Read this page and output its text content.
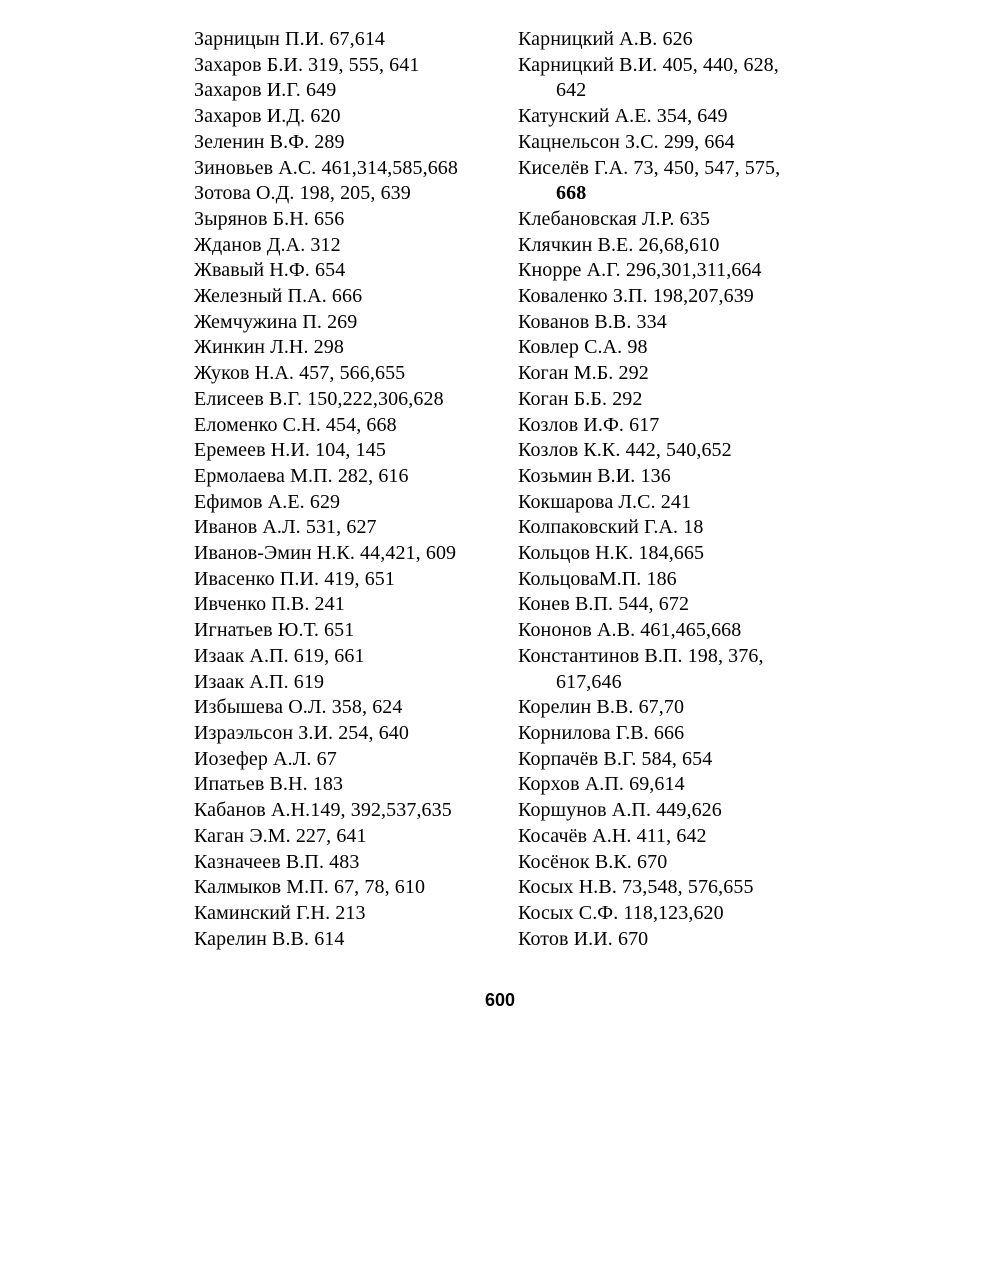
Зарницын П.И. 67,614
Захаров Б.И. 319, 555, 641
Захаров И.Г. 649
Захаров И.Д. 620
Зеленин В.Ф. 289
Зиновьев А.С. 461,314,585,668
Зотова О.Д. 198, 205, 639
Зырянов Б.Н. 656
Жданов Д.А. 312
Жвавый Н.Ф. 654
Железный П.А. 666
Жемчужина П. 269
Жинкин Л.Н. 298
Жуков Н.А. 457, 566,655
Елисеев В.Г. 150,222,306,628
Еломенко С.Н. 454, 668
Еремеев Н.И. 104, 145
Ермолаева М.П. 282, 616
Ефимов А.Е. 629
Иванов А.Л. 531, 627
Иванов-Эмин Н.К. 44,421, 609
Ивасенко П.И. 419, 651
Ивченко П.В. 241
Игнатьев Ю.Т. 651
Изаак А.П. 619, 661
Изаак А.П. 619
Избышева О.Л. 358, 624
Израэльсон З.И. 254, 640
Иозефер А.Л. 67
Ипатьев В.Н. 183
Кабанов А.Н.149, 392,537,635
Каган Э.М. 227, 641
Казначеев В.П. 483
Калмыков М.П. 67, 78, 610
Каминский Г.Н. 213
Карелин В.В. 614
Карницкий А.В. 626
Карницкий В.И. 405, 440, 628,
642
Катунский А.Е. 354, 649
Кацнельсон З.С. 299, 664
Киселёв Г.А. 73, 450, 547, 575,
668
Клебановская Л.Р. 635
Клячкин В.Е. 26,68,610
Кнорре А.Г. 296,301,311,664
Коваленко З.П. 198,207,639
Кованов В.В. 334
Ковлер С.А. 98
Коган М.Б. 292
Коган Б.Б. 292
Козлов И.Ф. 617
Козлов К.К. 442, 540,652
Козьмин В.И. 136
Кокшарова Л.С. 241
Колпаковский Г.А. 18
Кольцов Н.К. 184,665
КольцоваМ.П. 186
Конев В.П. 544, 672
Кононов А.В. 461,465,668
Константинов В.П. 198, 376,
617,646
Корелин В.В. 67,70
Корнилова Г.В. 666
Корпачёв В.Г. 584, 654
Корхов А.П. 69,614
Коршунов А.П. 449,626
Косачёв А.Н. 411, 642
Косёнок В.К. 670
Косых Н.В. 73,548, 576,655
Косых С.Ф. 118,123,620
Котов И.И. 670
600
